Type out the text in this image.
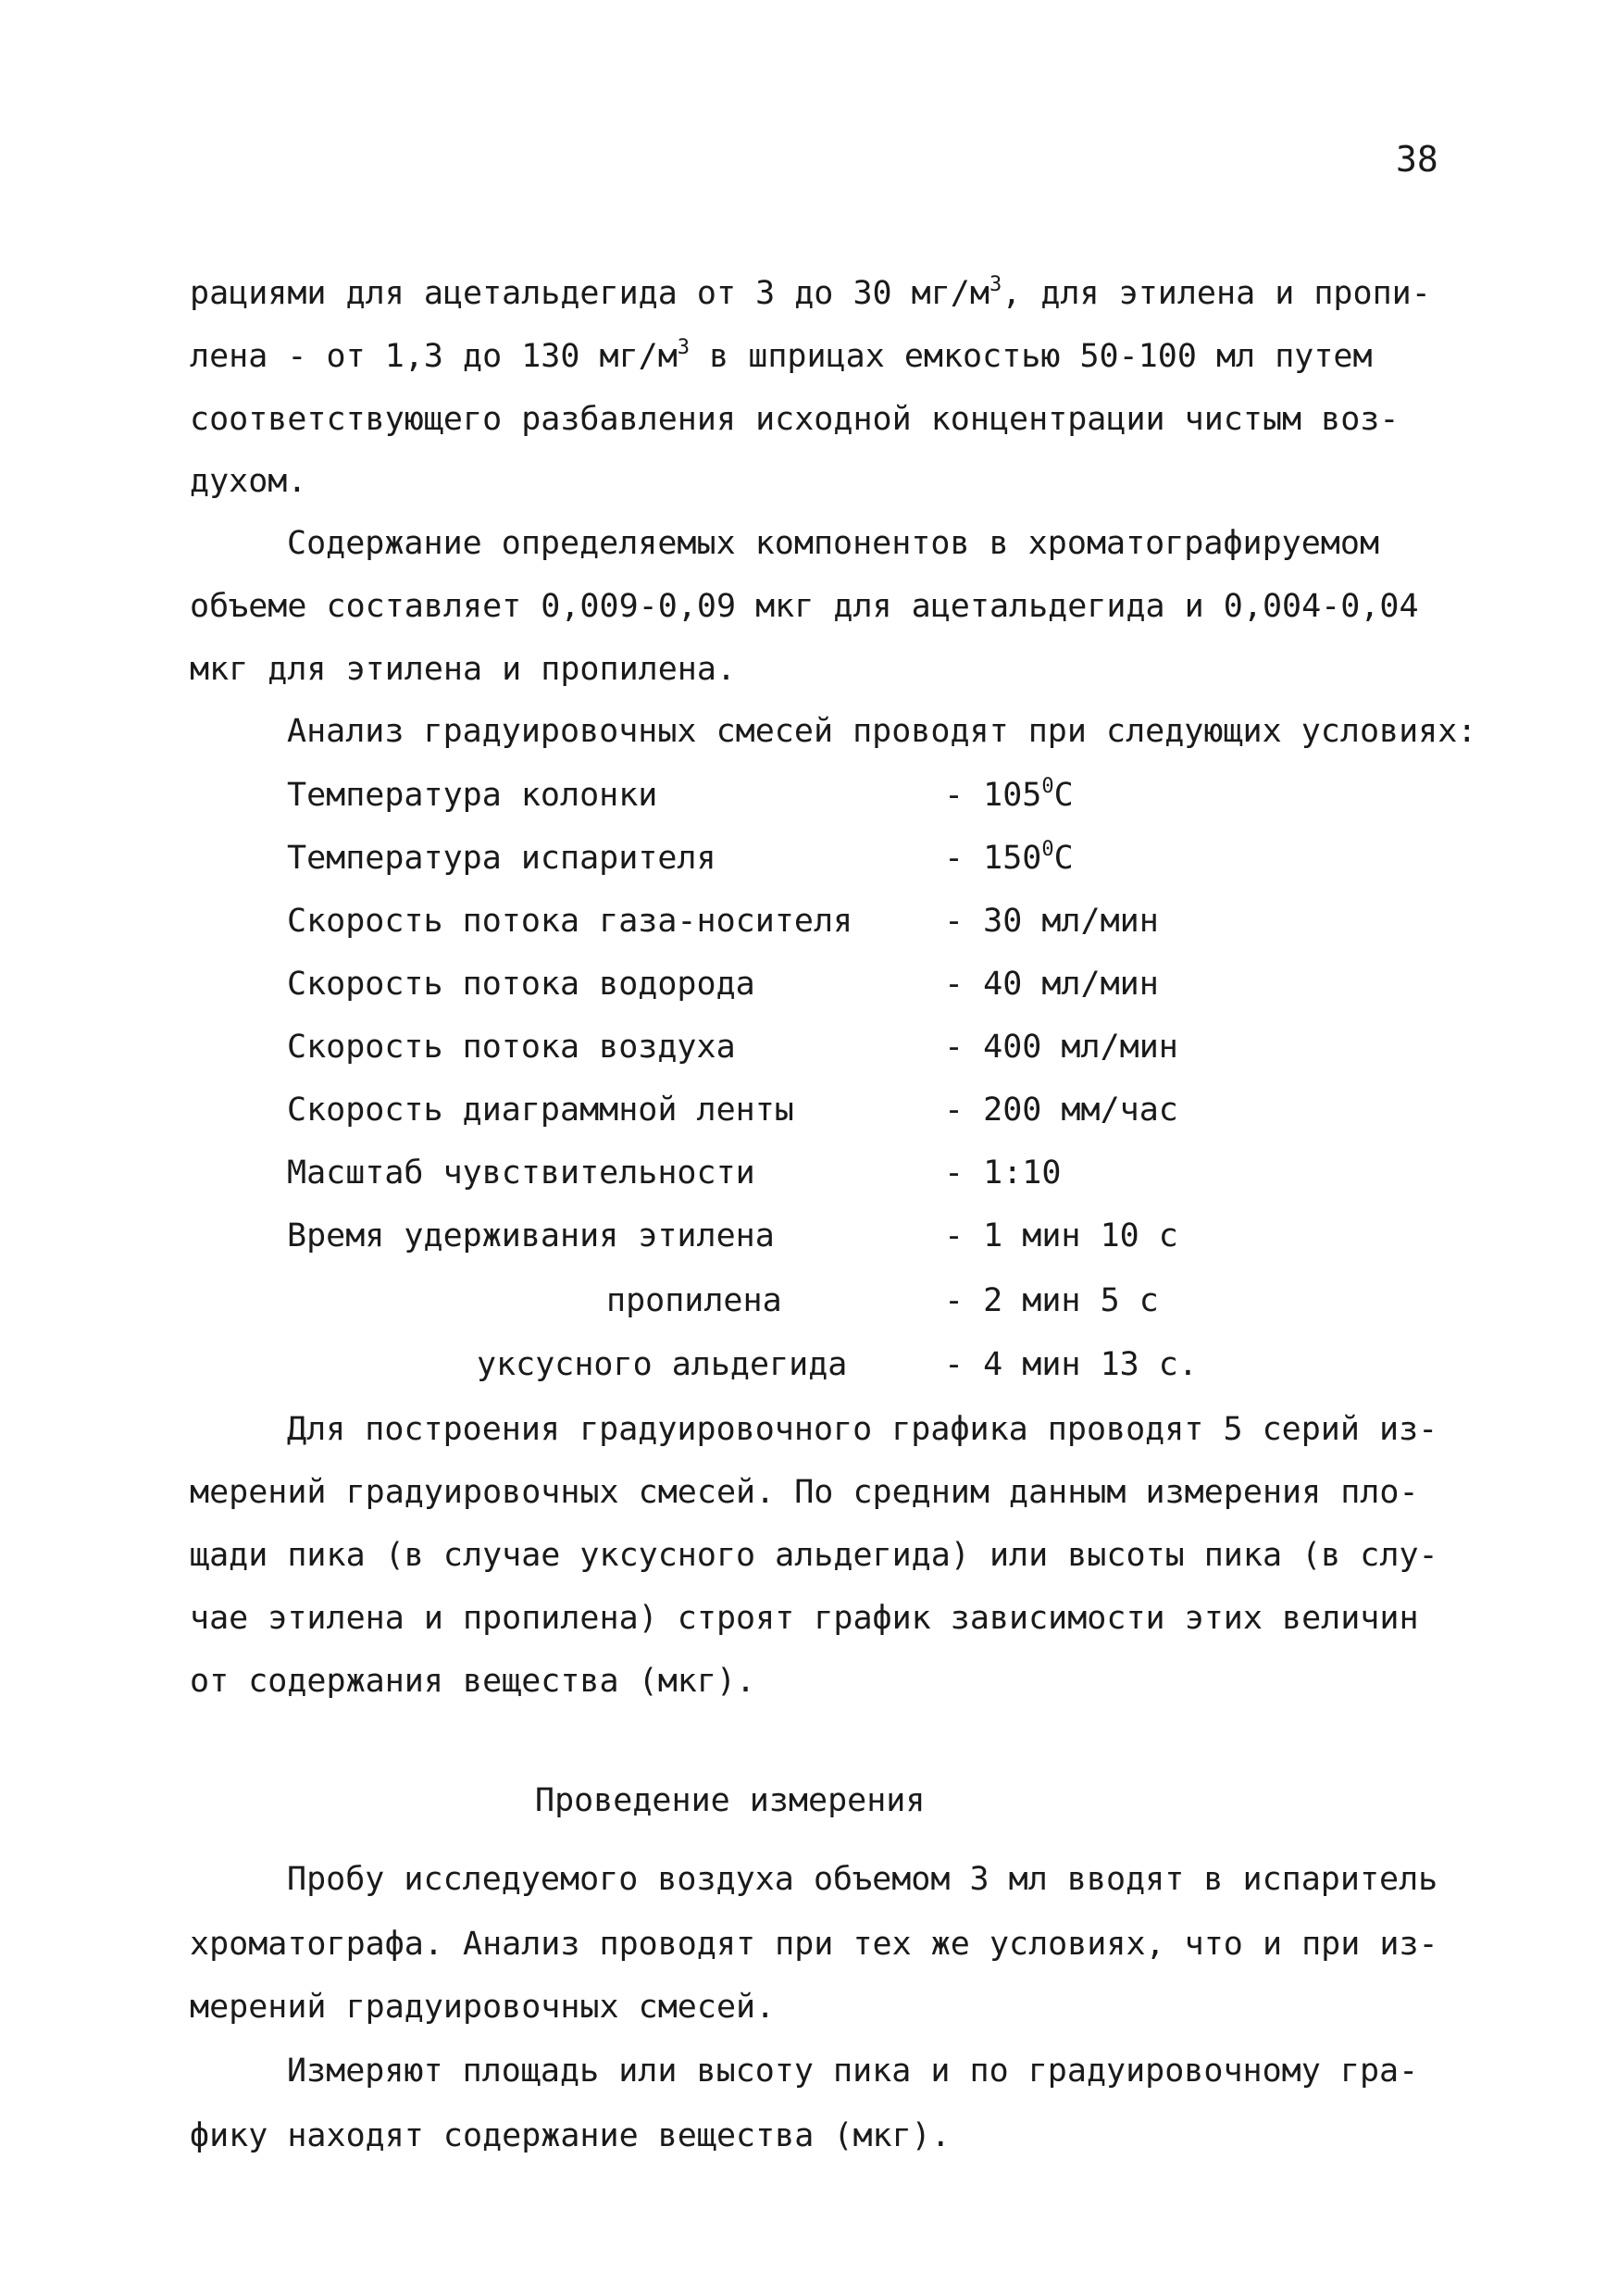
38
рациями для ацетальдегида от 3 до 30 $мг/м^3$, для этилена и пропи-
лена - от 1,3 до 130 $мг/м^3$ в шприцах емкостью 50-100 мл путем
соответствующего разбавления исходной концентрации чистым воз-
духом.
Содержание определяемых компонентов в хроматографируемом
объеме составляет 0,009-0,09 мкг для ацетальдегида и 0,004-0,04
мкг для этилена и пропилена.
Анализ градуировочных смесей проводят при следующих условиях:
Температура колонки	- $105^0C$
Температура испарителя	- $150^0C$
Скорость потока газа-носителя	- 30 мл/мин
Скорость потока водорода	- 40 мл/мин
Скорость потока воздуха	- 400 мл/мин
Скорость диаграммной ленты	- 200 мм/час
Масштаб чувствительности	- 1:10
Время удерживания этилена	- 1 мин 10 с
пропилена	- 2 мин 5 с
уксусного альдегида	- 4 мин 13 с.
Для построения градуировочного графика проводят 5 серий из-
мерений градуировочных смесей. По средним данным измерения пло-
щади пика (в случае уксусного альдегида) или высоты пика (в слу-
чае этилена и пропилена) строят график зависимости этих величин
от содержания вещества (мкг).
Проведение измерения
Пробу исследуемого воздуха объемом 3 мл вводят в испаритель
хроматографа. Анализ проводят при тех же условиях, что и при из-
мерений градуировочных смесей.
Измеряют площадь или высоту пика и по градуировочному гра-
фику находят содержание вещества (мкг).
